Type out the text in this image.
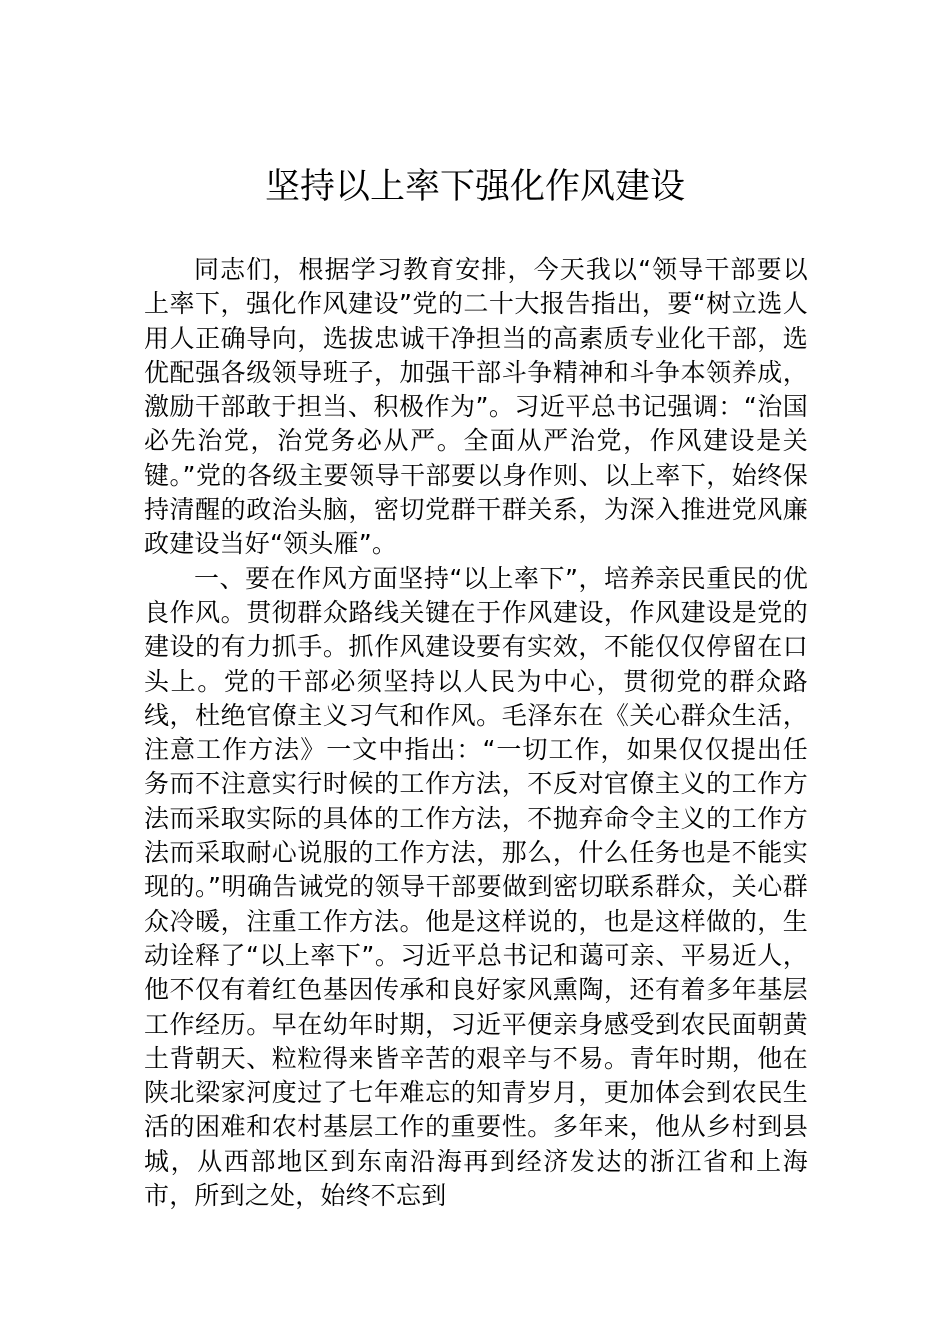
坚持以上率下强化作风建设

同志们，根据学习教育安排，今天我以“领导干部要以上率下，强化作风建设”党的二十大报告指出，要“树立选人用人正确导向，选拔忠诚干净担当的高素质专业化干部，选优配强各级领导班子，加强干部斗争精神和斗争本领养成，激励干部敢于担当、积极作为”。习近平总书记强调：“治国必先治党，治党务必从严。全面从严治党，作风建设是关键。”党的各级主要领导干部要以身作则、以上率下，始终保持清醒的政治头脑，密切党群干群关系，为深入推进党风廉政建设当好“领头雁”。

一、要在作风方面坚持“以上率下”，培养亲民重民的优良作风。贯彻群众路线关键在于作风建设，作风建设是党的建设的有力抓手。抓作风建设要有实效，不能仅仅停留在口头上。党的干部必须坚持以人民为中心，贯彻党的群众路线，杜绝官僚主义习气和作风。毛泽东在《关心群众生活，注意工作方法》一文中指出：“一切工作，如果仅仅提出任务而不注意实行时候的工作方法，不反对官僚主义的工作方法而采取实际的具体的工作方法，不抛弃命令主义的工作方法而采取耐心说服的工作方法，那么，什么任务也是不能实现的。”明确告诫党的领导干部要做到密切联系群众，关心群众冷暖，注重工作方法。他是这样说的，也是这样做的，生动诠释了“以上率下”。习近平总书记和蔼可亲、平易近人，他不仅有着红色基因传承和良好家风熏陶，还有着多年基层工作经历。早在幼年时期，习近平便亲身感受到农民面朝黄土背朝天、粒粒得来皆辛苦的艰辛与不易。青年时期，他在陕北梁家河度过了七年难忘的知青岁月，更加体会到农民生活的困难和农村基层工作的重要性。多年来，他从乡村到县城，从西部地区到东南沿海再到经济发达的浙江省和上海市，所到之处，始终不忘到
